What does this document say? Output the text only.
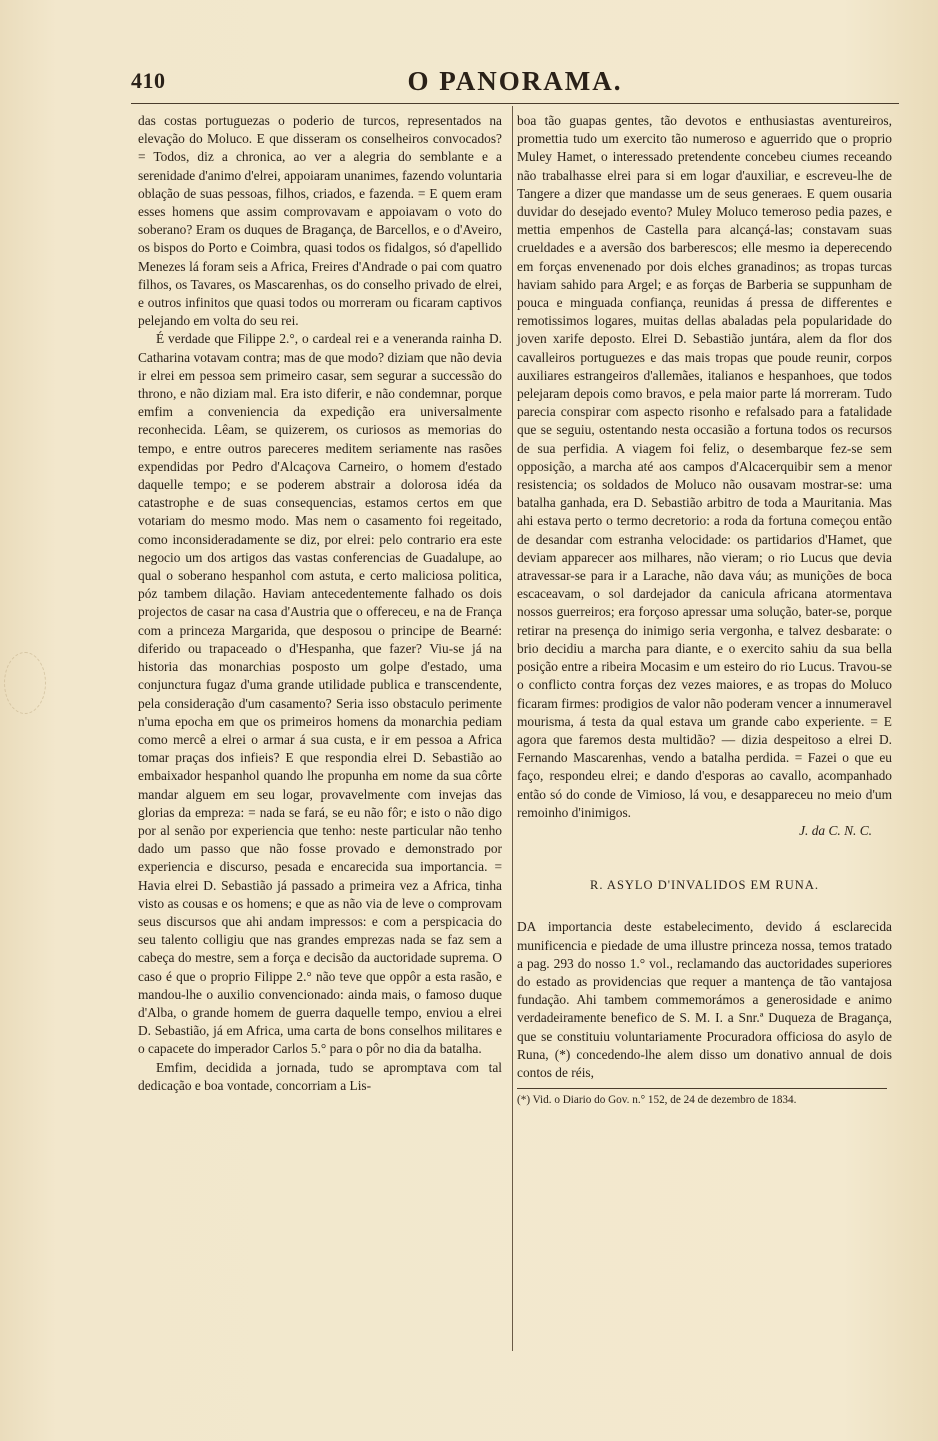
410	O PANORAMA.

das costas portuguezas o poderio de turcos, representados na elevação do Moluco. E que disseram os conselheiros convocados? = Todos, diz a chronica, ao ver a alegria do semblante e a serenidade d'animo d'elrei, appoiaram unanimes, fazendo voluntaria oblação de suas pessoas, filhos, criados, e fazenda. = E quem eram esses homens que assim comprovavam e appoiavam o voto do soberano? Eram os duques de Bragança, de Barcellos, e o d'Aveiro, os bispos do Porto e Coimbra, quasi todos os fidalgos, só d'apellido Menezes lá foram seis a Africa, Freires d'Andrade o pai com quatro filhos, os Tavares, os Mascarenhas, os do conselho privado de elrei, e outros infinitos que quasi todos ou morreram ou ficaram captivos pelejando em volta do seu rei.

É verdade que Filippe 2.°, o cardeal rei e a veneranda rainha D. Catharina votavam contra; mas de que modo? diziam que não devia ir elrei em pessoa sem primeiro casar, sem segurar a successão do throno, e não diziam mal. Era isto diferir, e não condemnar, porque emfim a conveniencia da expedição era universalmente reconhecida. Lêam, se quizerem, os curiosos as memorias do tempo, e entre outros pareceres meditem seriamente nas rasões expendidas por Pedro d'Alcaçova Carneiro, o homem d'estado daquelle tempo; e se poderem abstrair a dolorosa idéa da catastrophe e de suas consequencias, estamos certos em que votariam do mesmo modo. Mas nem o casamento foi regeitado, como inconsideradamente se diz, por elrei: pelo contrario era este negocio um dos artigos das vastas conferencias de Guadalupe, ao qual o soberano hespanhol com astuta, e certo maliciosa politica, póz tambem dilação. Haviam antecedentemente falhado os dois projectos de casar na casa d'Austria que o offereceu, e na de França com a princeza Margarida, que desposou o principe de Bearné: diferido ou trapaceado o d'Hespanha, que fazer? Viu-se já na historia das monarchias posposto um golpe d'estado, uma conjunctura fugaz d'uma grande utilidade publica e transcendente, pela consideração d'um casamento? Seria isso obstaculo perimente n'uma epocha em que os primeiros homens da monarchia pediam como mercê a elrei o armar á sua custa, e ir em pessoa a Africa tomar praças dos infieis? E que respondia elrei D. Sebastião ao embaixador hespanhol quando lhe propunha em nome da sua côrte mandar alguem em seu logar, provavelmente com invejas das glorias da empreza: = nada se fará, se eu não fôr; e isto o não digo por al senão por experiencia que tenho: neste particular não tenho dado um passo que não fosse provado e demonstrado por experiencia e discurso, pesada e encarecida sua importancia. = Havia elrei D. Sebastião já passado a primeira vez a Africa, tinha visto as cousas e os homens; e que as não via de leve o comprovam seus discursos que ahi andam impressos: e com a perspicacia do seu talento colligiu que nas grandes emprezas nada se faz sem a cabeça do mestre, sem a força e decisão da auctoridade suprema. O caso é que o proprio Filippe 2.° não teve que oppôr a esta rasão, e mandou-lhe o auxilio convencionado: ainda mais, o famoso duque d'Alba, o grande homem de guerra daquelle tempo, enviou a elrei D. Sebastião, já em Africa, uma carta de bons conselhos militares e o capacete do imperador Carlos 5.° para o pôr no dia da batalha.

Emfim, decidida a jornada, tudo se apromptava com tal dedicação e boa vontade, concorriam a Lis-

boa tão guapas gentes, tão devotos e enthusiastas aventureiros, promettia tudo um exercito tão numeroso e aguerrido que o proprio Muley Hamet, o interessado pretendente concebeu ciumes receando não trabalhasse elrei para si em logar d'auxiliar, e escreveu-lhe de Tangere a dizer que mandasse um de seus generaes. E quem ousaria duvidar do desejado evento? Muley Moluco temeroso pedia pazes, e mettia empenhos de Castella para alcançá-las; constavam suas crueldades e a aversão dos barberescos; elle mesmo ia deperecendo em forças envenenado por dois elches granadinos; as tropas turcas haviam sahido para Argel; e as forças de Barberia se suppunham de pouca e minguada confiança, reunidas á pressa de differentes e remotissimos logares, muitas dellas abaladas pela popularidade do joven xarife deposto. Elrei D. Sebastião juntára, alem da flor dos cavalleiros portuguezes e das mais tropas que poude reunir, corpos auxiliares estrangeiros d'allemães, italianos e hespanhoes, que todos pelejaram depois como bravos, e pela maior parte lá morreram. Tudo parecia conspirar com aspecto risonho e refalsado para a fatalidade que se seguiu, ostentando nesta occasião a fortuna todos os recursos de sua perfidia. A viagem foi feliz, o desembarque fez-se sem opposição, a marcha até aos campos d'Alcacerquibir sem a menor resistencia; os soldados de Moluco não ousavam mostrar-se: uma batalha ganhada, era D. Sebastião arbitro de toda a Mauritania. Mas ahi estava perto o termo decretorio: a roda da fortuna começou então de desandar com estranha velocidade: os partidarios d'Hamet, que deviam apparecer aos milhares, não vieram; o rio Lucus que devia atravessar-se para ir a Larache, não dava váu; as munições de boca escaceavam, o sol dardejador da canicula africana atormentava nossos guerreiros; era forçoso apressar uma solução, bater-se, porque retirar na presença do inimigo seria vergonha, e talvez desbarate: o brio decidiu a marcha para diante, e o exercito sahiu da sua bella posição entre a ribeira Mocasim e um esteiro do rio Lucus. Travou-se o conflicto contra forças dez vezes maiores, e as tropas do Moluco ficaram firmes: prodigios de valor não poderam vencer a innumeravel mourisma, á testa da qual estava um grande cabo experiente. = E agora que faremos desta multidão? — dizia despeitoso a elrei D. Fernando Mascarenhas, vendo a batalha perdida. = Fazei o que eu faço, respondeu elrei; e dando d'esporas ao cavallo, acompanhado então só do conde de Vimioso, lá vou, e desappareceu no meio d'um remoinho d'inimigos.

J. da C. N. C.

R. ASYLO D'INVALIDOS EM RUNA.

DA importancia deste estabelecimento, devido á esclarecida munificencia e piedade de uma illustre princeza nossa, temos tratado a pag. 293 do nosso 1.° vol., reclamando das auctoridades superiores do estado as providencias que requer a mantença de tão vantajosa fundação. Ahi tambem commemorámos a generosidade e animo verdadeiramente benefico de S. M. I. a Snr.ª Duqueza de Bragança, que se constituiu voluntariamente Procuradora officiosa do asylo de Runa, (*) concedendo-lhe alem disso um donativo annual de dois contos de réis,

(*) Vid. o Diario do Gov. n.° 152, de 24 de dezembro de 1834.
